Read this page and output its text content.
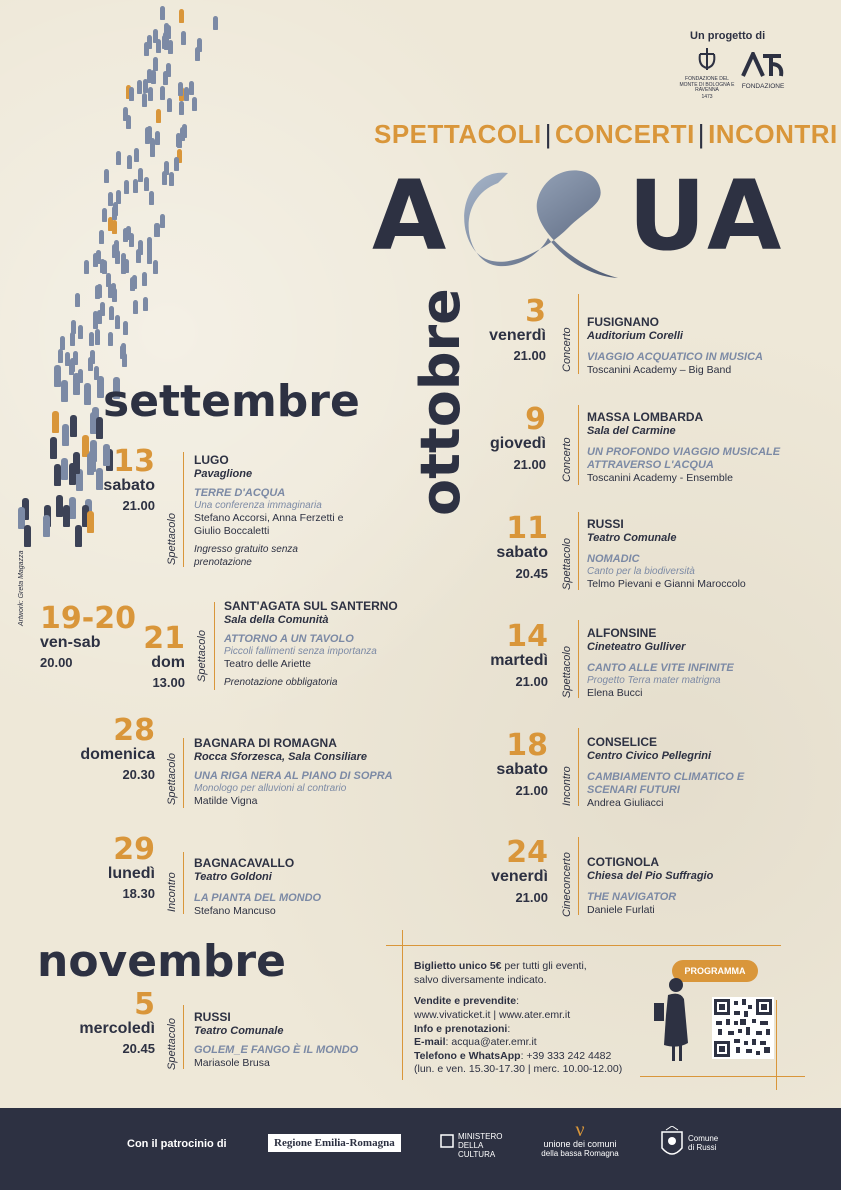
Artwork: Greta Magazza
Un progetto di
FONDAZIONE DEL MONTE DI BOLOGNA E RAVENNA
1473
FONDAZIONE
SPETTACOLI | CONCERTI | INCONTRI
A UA
settembre ottobre
novembre
13
sabato
21.00
Spettacolo
LUGO
Pavaglione
TERRE D'ACQUA
Una conferenza immaginaria
Stefano Accorsi, Anna Ferzetti e Giulio Boccaletti
Ingresso gratuito senza prenotazione
19-20
ven-sab
20.00
21
dom
13.00
Spettacolo
SANT'AGATA SUL SANTERNO
Sala della Comunità
ATTORNO A UN TAVOLO
Piccoli fallimenti senza importanza
Teatro delle Ariette
Prenotazione obbligatoria
28
domenica
20.30 Spettacolo
BAGNARA DI ROMAGNA
Rocca Sforzesca, Sala Consiliare
UNA RIGA NERA AL PIANO DI SOPRA
Monologo per alluvioni al contrario
Matilde Vigna
29
lunedì
18.30 Incontro
BAGNACAVALLO
Teatro Goldoni
LA PIANTA DEL MONDO
Stefano Mancuso
5
mercoledì
20.45 Spettacolo
RUSSI
Teatro Comunale
GOLEM_E FANGO È IL MONDO
Mariasole Brusa
3
venerdì
21.00 Concerto
FUSIGNANO
Auditorium Corelli
VIAGGIO ACQUATICO IN MUSICA
Toscanini Academy – Big Band
9
giovedì
21.00 Concerto
MASSA LOMBARDA
Sala del Carmine
UN PROFONDO VIAGGIO MUSICALE ATTRAVERSO L'ACQUA
Toscanini Academy - Ensemble
11
sabato
20.45 Spettacolo
RUSSI
Teatro Comunale
NOMADIC
Canto per la biodiversità
Telmo Pievani e Gianni Maroccolo
14
martedì
21.00 Spettacolo
ALFONSINE
Cineteatro Gulliver
CANTO ALLE VITE INFINITE
Progetto Terra mater matrigna
Elena Bucci
18
sabato
21.00 Incontro
CONSELICE
Centro Civico Pellegrini
CAMBIAMENTO CLIMATICO E SCENARI FUTURI
Andrea Giuliacci
24
venerdì
21.00 Cineconcerto COTIGNOLA
Chiesa del Pio Suffragio
THE NAVIGATOR
Daniele Furlati
Biglietto unico 5€ per tutti gli eventi,
salvo diversamente indicato.
Vendite e prevendite:
www.vivaticket.it | www.ater.emr.it
Info e prenotazioni:
E-mail: acqua@ater.emr.it
Telefono e WhatsApp: +39 333 242 4482
(lun. e ven. 15.30-17.30 | merc. 10.00-12.00)
PROGRAMMA
Con il patrocinio di	Regione Emilia-Romagna
MINISTERO
DELLA
CULTURA
ν
unione dei comuni
della bassa Romagna
Comune
di Russi
